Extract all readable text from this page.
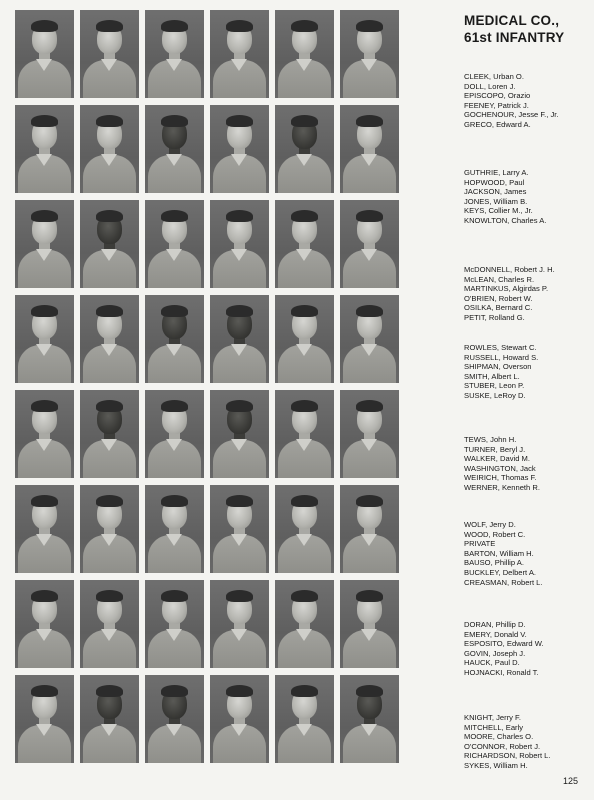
MEDICAL CO.,
61st INFANTRY
CLEEK, Urban O.
DOLL, Loren J.
EPISCOPO, Orazio
FEENEY, Patrick J.
GOCHENOUR, Jesse F., Jr.
GRECO, Edward A.
GUTHRIE, Larry A.
HOPWOOD, Paul
JACKSON, James
JONES, William B.
KEYS, Collier M., Jr.
KNOWLTON, Charles A.
McDONNELL, Robert J. H.
McLEAN, Charles R.
MARTINKUS, Algirdas P.
O'BRIEN, Robert W.
OSILKA, Bernard C.
PETIT, Rolland G.
ROWLES, Stewart C.
RUSSELL, Howard S.
SHIPMAN, Overson
SMITH, Albert L.
STUBER, Leon P.
SUSKE, LeRoy D.
TEWS, John H.
TURNER, Beryl J.
WALKER, David M.
WASHINGTON, Jack
WEIRICH, Thomas F.
WERNER, Kenneth R.
WOLF, Jerry D.
WOOD, Robert C.
PRIVATE
BARTON, William H.
BAUSO, Phillip A.
BUCKLEY, Delbert A.
CREASMAN, Robert L.
DORAN, Phillip D.
EMERY, Donald V.
ESPOSITO, Edward W.
GOVIN, Joseph J.
HAUCK, Paul D.
HOJNACKI, Ronald T.
KNIGHT, Jerry F.
MITCHELL, Early
MOORE, Charles O.
O'CONNOR, Robert J.
RICHARDSON, Robert L.
SYKES, William H.
125
